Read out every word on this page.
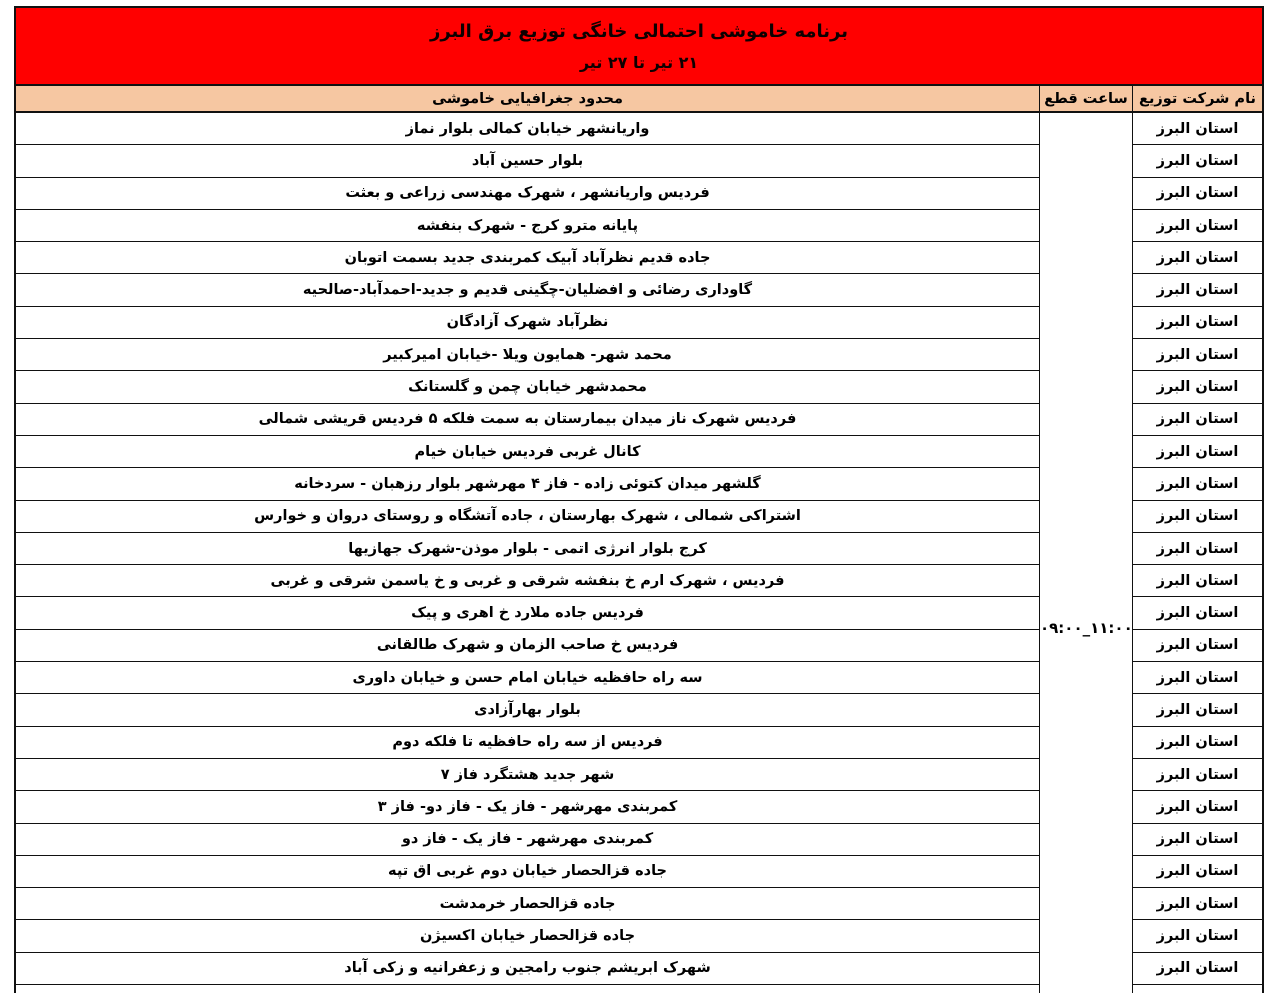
برنامه خاموشی احتمالی خانگی توزیع برق البرز
۲۱ تیر تا ۲۷ تیر
محدود جغرافیایی خاموشی	ساعت قطع نام شرکت توزیع
واریانشهر خیابان کمالی بلوار نماز
بلوار حسین آباد
فردیس واریانشهر ، شهرک مهندسی زراعی و بعثت
پایانه مترو کرج - شهرک بنفشه
جاده قدیم نظرآباد آبیک کمربندی جدید بسمت اتوبان
گاوداری رضائی و افضلیان-چگینی قدیم و جدید-احمدآباد-صالحیه
نظرآباد شهرک آزادگان
محمد شهر- همایون ویلا -خیابان امیرکبیر
محمدشهر خیابان چمن و گلستانک
فردیس شهرک ناز میدان بیمارستان به سمت فلکه ۵ فردیس قریشی شمالی
کانال غربی فردیس خیابان خیام
گلشهر میدان کتوئی زاده - فاز ۴ مهرشهر بلوار رزهبان - سردخانه
اشتراکی شمالی ، شهرک بهارستان ، جاده آتشگاه و روستای دروان و خوارس
کرج بلوار انرژی اتمی - بلوار موذن-شهرک جهازیها
فردیس ، شهرک ارم خ بنفشه شرقی و غربی و خ یاسمن شرقی و غربی
فردیس جاده ملارد خ اهری و پیک
فردیس خ صاحب الزمان و شهرک طالقانی
سه راه حافظیه خیابان امام حسن و خیابان داوری
بلوار بهارآزادی
فردیس از سه راه حافظیه تا فلکه دوم
شهر جدید هشتگرد فاز ۷
کمربندی مهرشهر - فاز یک - فاز دو- فاز ۳
کمربندی مهرشهر - فاز یک - فاز دو
جاده قزالحصار خیابان دوم غربی اق تپه
جاده قزالحصار خرمدشت
جاده قزالحصار خیابان اکسیژن
شهرک ابریشم جنوب رامجین و زعفرانیه و زکی آباد
۰۹:۰۰_۱۱:۰۰
استان البرز
استان البرز
استان البرز
استان البرز
استان البرز
استان البرز
استان البرز
استان البرز
استان البرز
استان البرز
استان البرز
استان البرز
استان البرز
استان البرز
استان البرز
استان البرز
استان البرز
استان البرز
استان البرز
استان البرز
استان البرز
استان البرز
استان البرز
استان البرز
استان البرز
استان البرز
استان البرز
